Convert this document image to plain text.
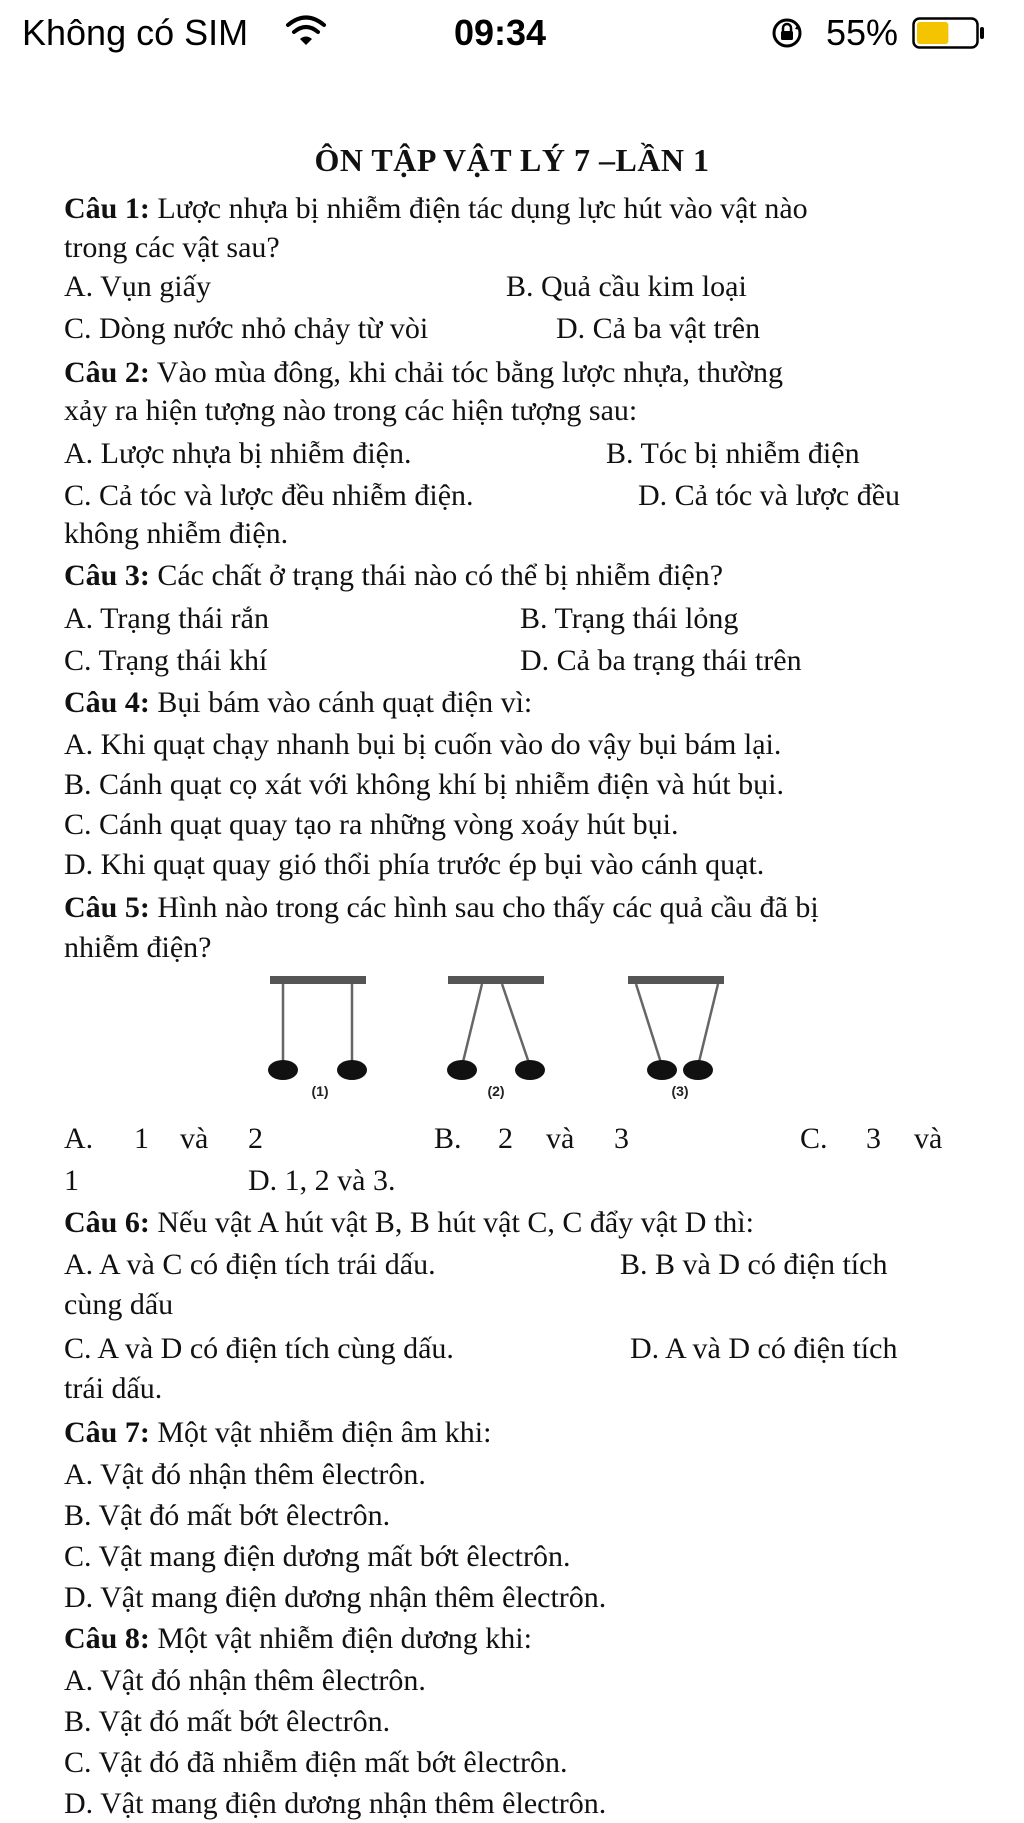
Không có SIM	09:34	55%
ÔN TẬP VẬT LÝ 7 –LẦN 1
Câu 1: Lược nhựa bị nhiễm điện tác dụng lực hút vào vật nào
trong các vật sau?
A. Vụn giấy	B. Quả cầu kim loại
C. Dòng nước nhỏ chảy từ vòi	D. Cả ba vật trên
Câu 2: Vào mùa đông, khi chải tóc bằng lược nhựa, thường
xảy ra hiện tượng nào trong các hiện tượng sau:
A. Lược nhựa bị nhiễm điện.	B. Tóc bị nhiễm điện
C. Cả tóc và lược đều nhiễm điện.	D. Cả tóc và lược đều
không nhiễm điện.
Câu 3: Các chất ở trạng thái nào có thể bị nhiễm điện?
A. Trạng thái rắn	B. Trạng thái lỏng
C. Trạng thái khí	D. Cả ba trạng thái trên
Câu 4: Bụi bám vào cánh quạt điện vì:
A. Khi quạt chạy nhanh bụi bị cuốn vào do vậy bụi bám lại.
B. Cánh quạt cọ xát với không khí bị nhiễm điện và hút bụi.
C. Cánh quạt quay tạo ra những vòng xoáy hút bụi.
D. Khi quạt quay gió thổi phía trước ép bụi vào cánh quạt.
Câu 5: Hình nào trong các hình sau cho thấy các quả cầu đã bị
nhiễm điện?
(1)	(2)	(3)
A. 1 và 2	B. 2 và 3	C. 3 và
1	D. 1, 2 và 3.
Câu 6: Nếu vật A hút vật B, B hút vật C, C đẩy vật D thì:
A. A và C có điện tích trái dấu.	B. B và D có điện tích
cùng dấu
C. A và D có điện tích cùng dấu.	D. A và D có điện tích
trái dấu.
Câu 7: Một vật nhiễm điện âm khi:
A. Vật đó nhận thêm êlectrôn.
B. Vật đó mất bớt êlectrôn.
C. Vật mang điện dương mất bớt êlectrôn.
D. Vật mang điện dương nhận thêm êlectrôn.
Câu 8: Một vật nhiễm điện dương khi:
A. Vật đó nhận thêm êlectrôn.
B. Vật đó mất bớt êlectrôn.
C. Vật đó đã nhiễm điện mất bớt êlectrôn.
D. Vật mang điện dương nhận thêm êlectrôn.
